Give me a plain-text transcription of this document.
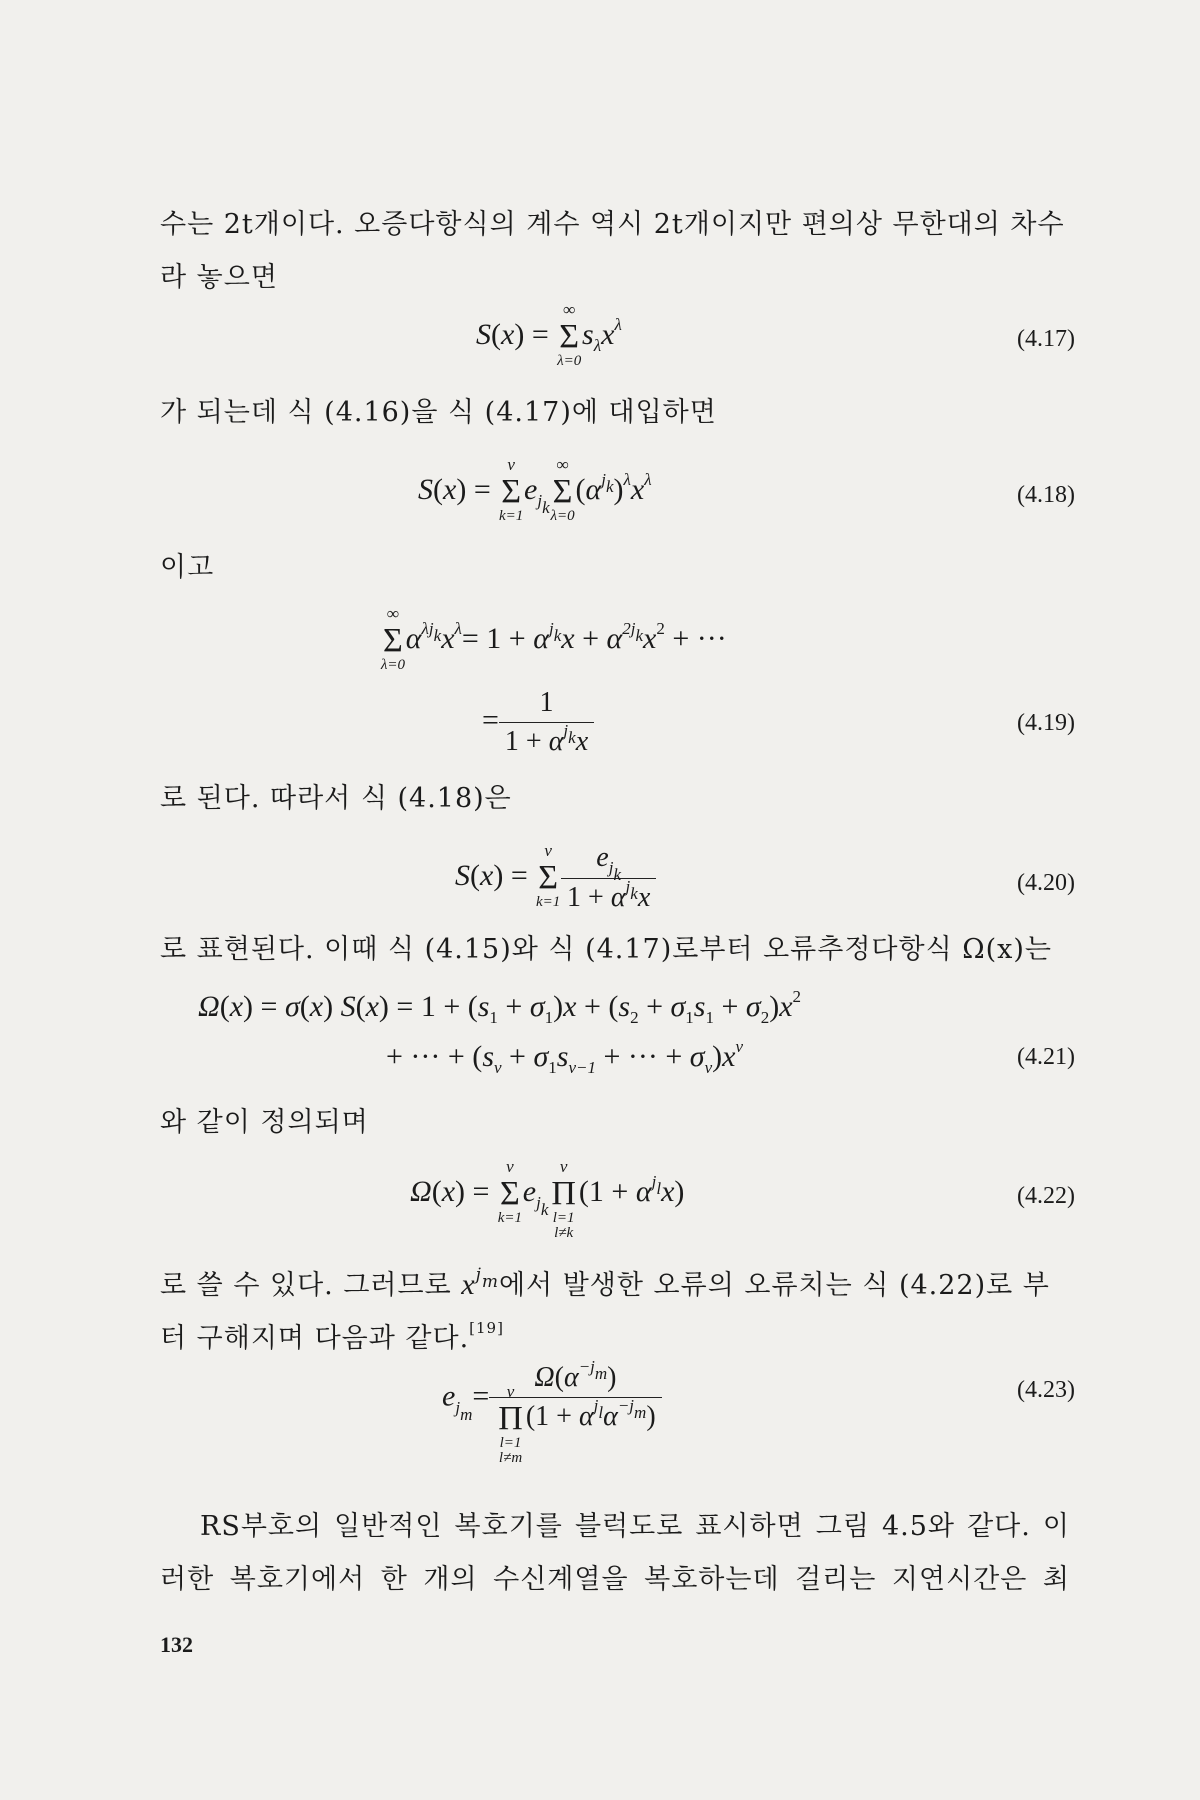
수는 2t개이다. 오증다항식의 계수 역시 2t개이지만 편의상 무한대의 차수라 놓으면
S(x) =
∞
Σ
λ=0
$s_\lambda x^\lambda$
(4.17)
가 되는데 식 (4.16)을 식 (4.17)에 대입하면
S(x) =
ν
Σ
k=1
$e_{j_k}$
∞
Σ
λ=0
$(\alpha^{j_k})^\lambda x^\lambda$
(4.18)
이고
∞
Σ
λ=0
$\alpha^{\lambda j_k}x^\lambda= 1 + \alpha^{j_k}x + \alpha^{2j_k}x^2$ + ···
= $\frac{1}{1 + \alpha^{j_k}x}$	(4.19)
로 된다. 따라서 식 (4.18)은
S(x) =
ν
Σ
$k=1 \frac{e_{j_k}}{1 + \alpha^{j_k}x}$	(4.20)
로 표현된다. 이때 식 (4.15)와 식 (4.17)로부터 오류추정다항식 Ω(x)는
Ω(x) = σ(x) $S(x) = 1 + (s_1 + \sigma_1)x + (s_2 + \sigma_1s_1 + \sigma_2)x^2$
+ ··· + ($s_\nu + \sigma_1s_{\nu-1}$ + ··· + $\sigma_\nu)x^\nu$	(4.21)
와 같이 정의되며
Ω(x) =
ν
Σ
k=1
$e_{j_k}$
ν
Π
l=1
l≠k
$(1 + \alpha^{j_l}x)$	(4.22)
로 쓸 수 있다. 그러므로 $x^{j_m}$에서 발생한 오류의 오류치는 식 (4.22)로 부터 구해지며 다음과 같다.[19]
$e_{j_m}=$
$\Omega(\alpha^{-j_m})$
ν
Π
l=1
l≠m
$(1 + \alpha^{j_l}\alpha^{-j_m})$
(4.23)
RS부호의 일반적인 복호기를 블럭도로 표시하면 그림 4.5와 같다. 이러한 복호기에서 한 개의 수신계열을 복호하는데 걸리는 지연시간은 최
132
